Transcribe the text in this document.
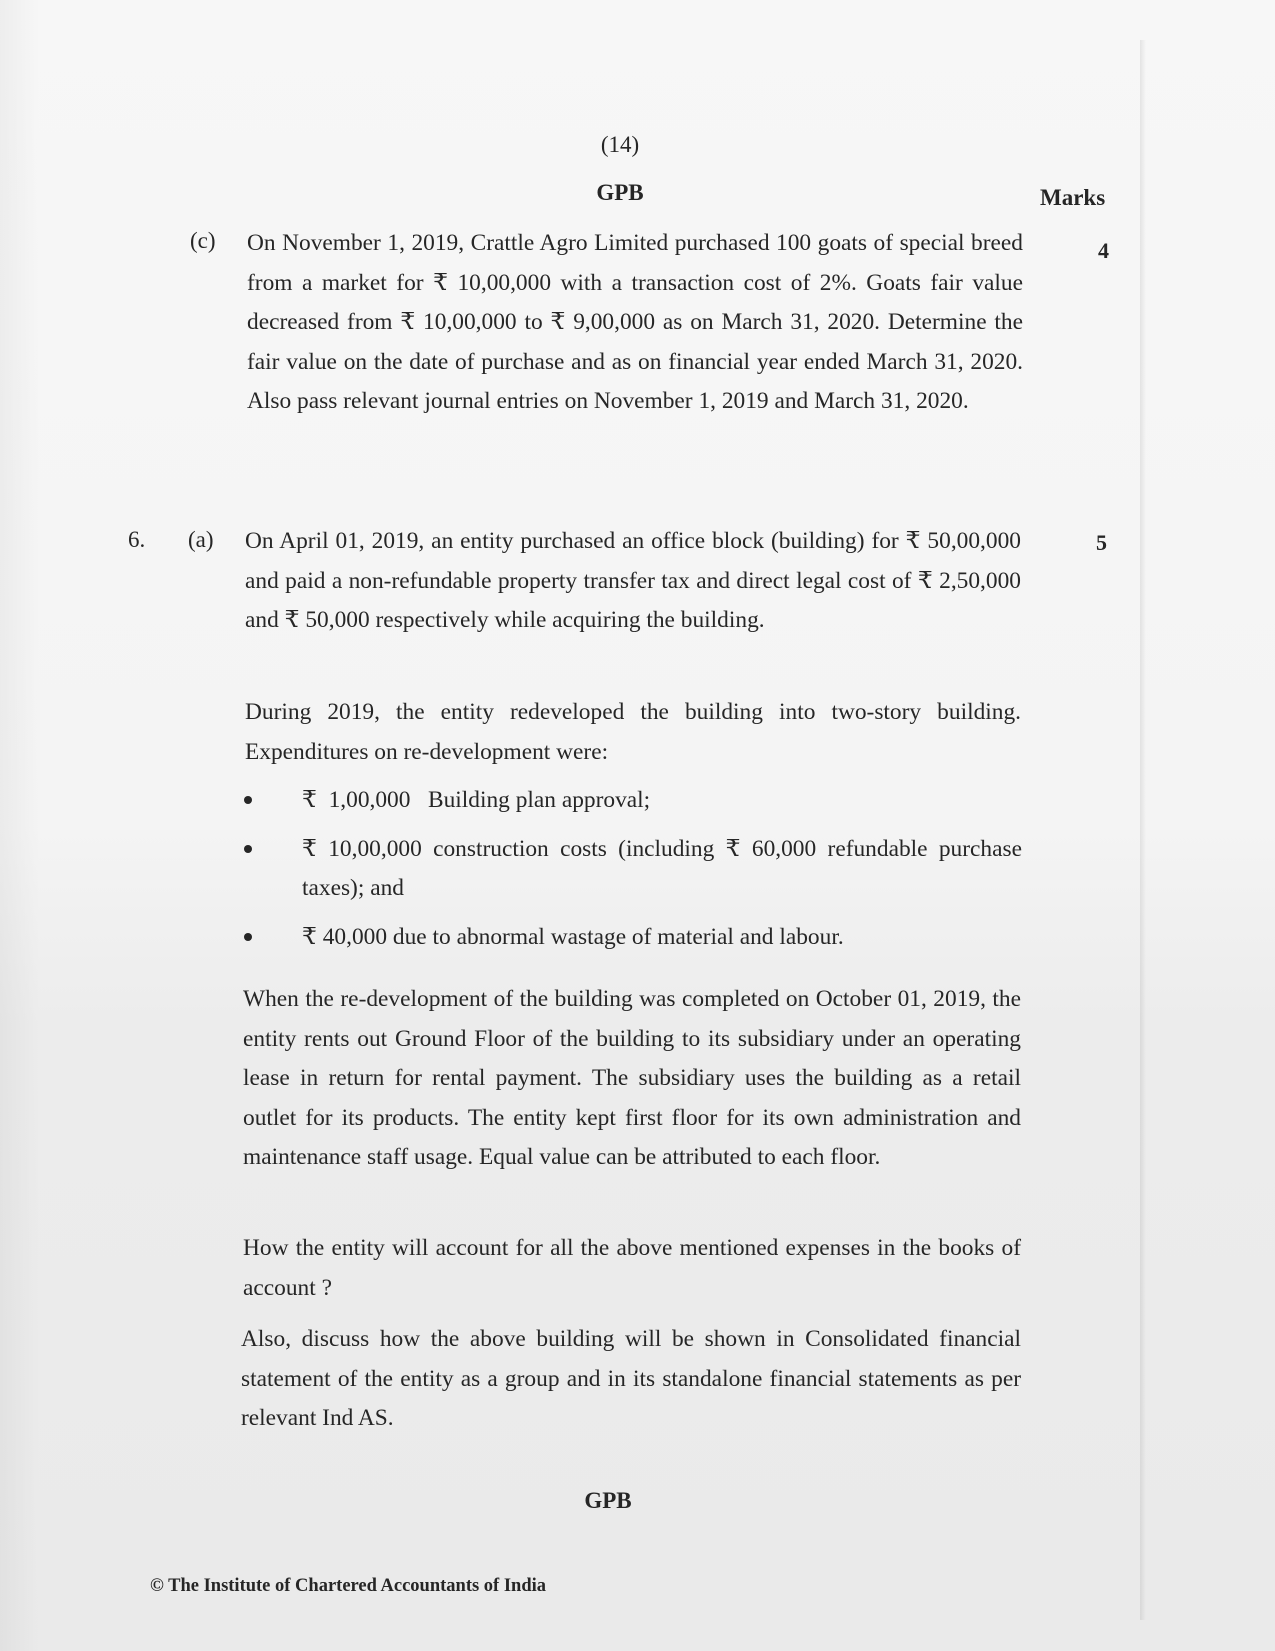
(14)
GPB	Marks
(c) On November 1, 2019, Crattle Agro Limited purchased 100 goats of special breed from a market for ₹ 10,00,000 with a transaction cost of 2%. Goats fair value decreased from ₹ 10,00,000 to ₹ 9,00,000 as on March 31, 2020. Determine the fair value on the date of purchase and as on financial year ended March 31, 2020. Also pass relevant journal entries on November 1, 2019 and March 31, 2020.
4
6. (a)	5
On April 01, 2019, an entity purchased an office block (building) for ₹ 50,00,000 and paid a non-refundable property transfer tax and direct legal cost of ₹ 2,50,000 and ₹ 50,000 respectively while acquiring the building.
During 2019, the entity redeveloped the building into two-story building. Expenditures on re-development were:
₹  1,00,000   Building plan approval;
₹ 10,00,000 construction costs (including ₹ 60,000 refundable purchase taxes); and
₹ 40,000 due to abnormal wastage of material and labour.
When the re-development of the building was completed on October 01, 2019, the entity rents out Ground Floor of the building to its subsidiary under an operating lease in return for rental payment. The subsidiary uses the building as a retail outlet for its products. The entity kept first floor for its own administration and maintenance staff usage. Equal value can be attributed to each floor.
How the entity will account for all the above mentioned expenses in the books of account ?
Also, discuss how the above building will be shown in Consolidated financial statement of the entity as a group and in its standalone financial statements as per relevant Ind AS.
GPB
© The Institute of Chartered Accountants of India
